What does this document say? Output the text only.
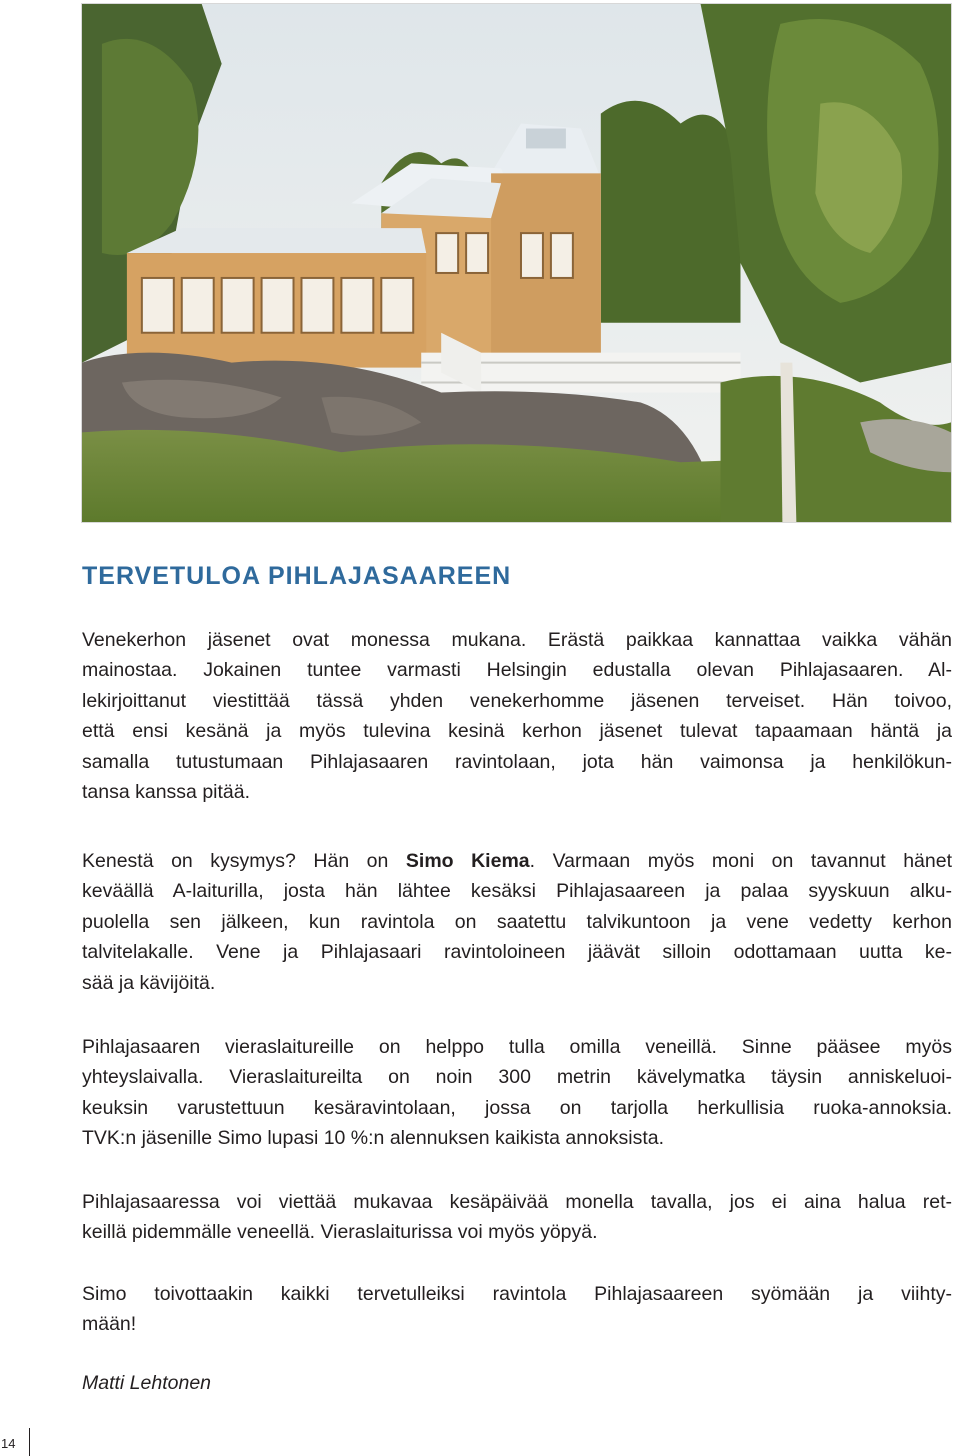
TERVETULOA PIHLAJASAAREEN
Venekerhon jäsenet ovat monessa mukana. Erästä paikkaa kannattaa vaikka vähän
mainostaa. Jokainen tuntee varmasti Helsingin edustalla olevan Pihlajasaaren. Al-
lekirjoittanut viestittää tässä yhden venekerhomme jäsenen terveiset. Hän toivoo,
että ensi kesänä ja myös tulevina kesinä kerhon jäsenet tulevat tapaamaan häntä ja
samalla tutustumaan Pihlajasaaren ravintolaan, jota hän vaimonsa ja henkilökun-
tansa kanssa pitää.
Kenestä on kysymys? Hän on Simo Kiema. Varmaan myös moni on tavannut hänet
keväällä A-laiturilla, josta hän lähtee kesäksi Pihlajasaareen ja palaa syyskuun alku-
puolella sen jälkeen, kun ravintola on saatettu talvikuntoon ja vene vedetty kerhon
talvitelakalle. Vene ja Pihlajasaari ravintoloineen jäävät silloin odottamaan uutta ke-
sää ja kävijöitä.
Pihlajasaaren vieraslaitureille on helppo tulla omilla veneillä. Sinne pääsee myös
yhteyslaivalla. Vieraslaitureilta on noin 300 metrin kävelymatka täysin anniskeluoi-
keuksin varustettuun kesäravintolaan, jossa on tarjolla herkullisia ruoka-annoksia.
TVK:n jäsenille Simo lupasi 10 %:n alennuksen kaikista annoksista.
Pihlajasaaressa voi viettää mukavaa kesäpäivää monella tavalla, jos ei aina halua ret-
keillä pidemmälle veneellä. Vieraslaiturissa voi myös yöpyä.
Simo toivottaakin kaikki tervetulleiksi ravintola Pihlajasaareen syömään ja viihty-
mään!

Matti Lehtonen

14
